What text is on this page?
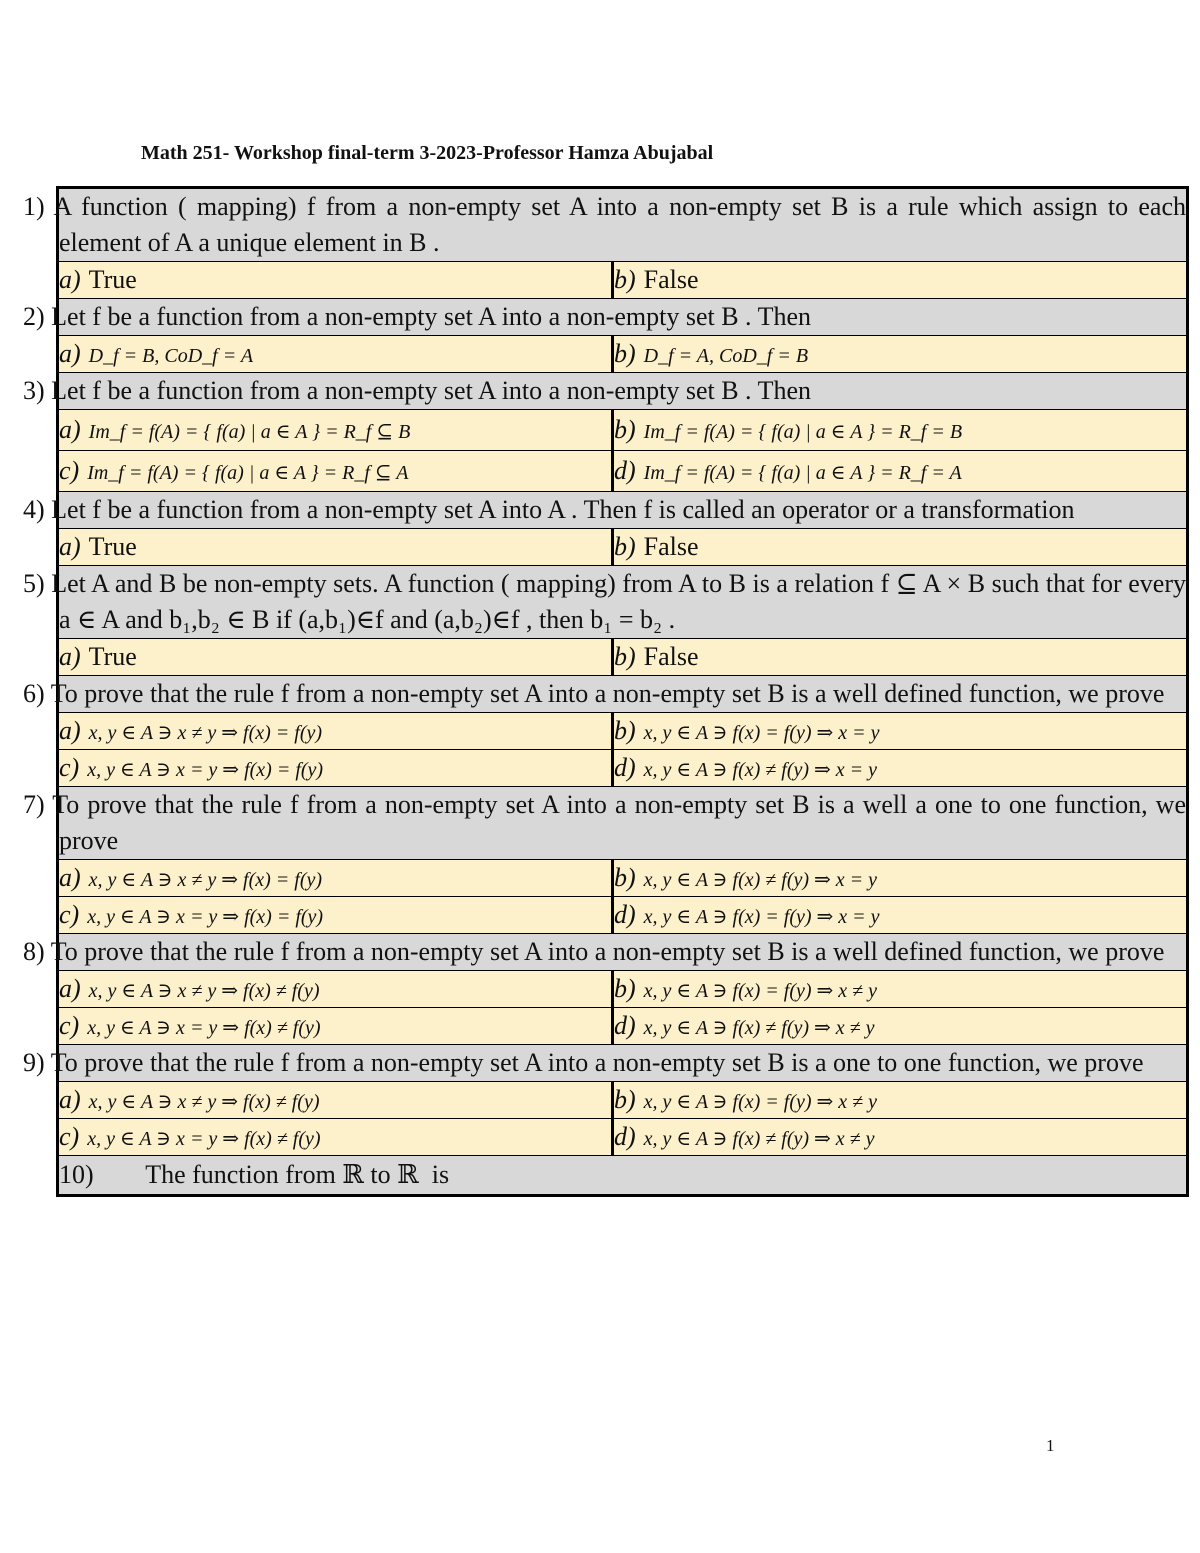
Math 251- Workshop final-term 3-2023-Professor Hamza Abujabal
1) A function ( mapping) f from a non-empty set A into a non-empty set B is a rule which assign to each element of A a unique element in B .	
a) True	b) False
2) Let f be a function from a non-empty set A into a non-empty set B . Then	
a) D_f = B, CoD_f = A	b) D_f = A, CoD_f = B
3) Let f be a function from a non-empty set A into a non-empty set B . Then	
a) Im_f = f(A) = { f(a) | a ∈ A } = R_f ⊆ B	b) Im_f = f(A) = { f(a) | a ∈ A } = R_f = B
c) Im_f = f(A) = { f(a) | a ∈ A } = R_f ⊆ A	d) Im_f = f(A) = { f(a) | a ∈ A } = R_f = A
4) Let f be a function from a non-empty set A into A . Then f is called an operator or a transformation	
a) True	b) False
5) Let A and B be non-empty sets. A function ( mapping) from A to B is a relation f ⊆ A × B such that for every a ∈ A and b₁,b₂ ∈ B if (a,b₁)∈f and (a,b₂)∈f , then b₁ = b₂ .	
a) True	b) False
6) To prove that the rule f from a non-empty set A into a non-empty set B is a well defined function, we prove	
a) x, y ∈ A ∋ x ≠ y ⇒ f(x) = f(y)	b) x, y ∈ A ∋ f(x) = f(y) ⇒ x = y
c) x, y ∈ A ∋ x = y ⇒ f(x) = f(y)	d) x, y ∈ A ∋ f(x) ≠ f(y) ⇒ x = y
7) To prove that the rule f from a non-empty set A into a non-empty set B is a well a one to one function, we prove	
a) x, y ∈ A ∋ x ≠ y ⇒ f(x) = f(y)	b) x, y ∈ A ∋ f(x) ≠ f(y) ⇒ x = y
c) x, y ∈ A ∋ x = y ⇒ f(x) = f(y)	d) x, y ∈ A ∋ f(x) = f(y) ⇒ x = y
8) To prove that the rule f from a non-empty set A into a non-empty set B is a well defined function, we prove	
a) x, y ∈ A ∋ x ≠ y ⇒ f(x) ≠ f(y)	b) x, y ∈ A ∋ f(x) = f(y) ⇒ x ≠ y
c) x, y ∈ A ∋ x = y ⇒ f(x) ≠ f(y)	d) x, y ∈ A ∋ f(x) ≠ f(y) ⇒ x ≠ y
9) To prove that the rule f from a non-empty set A into a non-empty set B is a one to one function, we prove	
a) x, y ∈ A ∋ x ≠ y ⇒ f(x) ≠ f(y)	b) x, y ∈ A ∋ f(x) = f(y) ⇒ x ≠ y
c) x, y ∈ A ∋ x = y ⇒ f(x) ≠ f(y)	d) x, y ∈ A ∋ f(x) ≠ f(y) ⇒ x ≠ y
10)        The function from ℝ to ℝ  is	
1
